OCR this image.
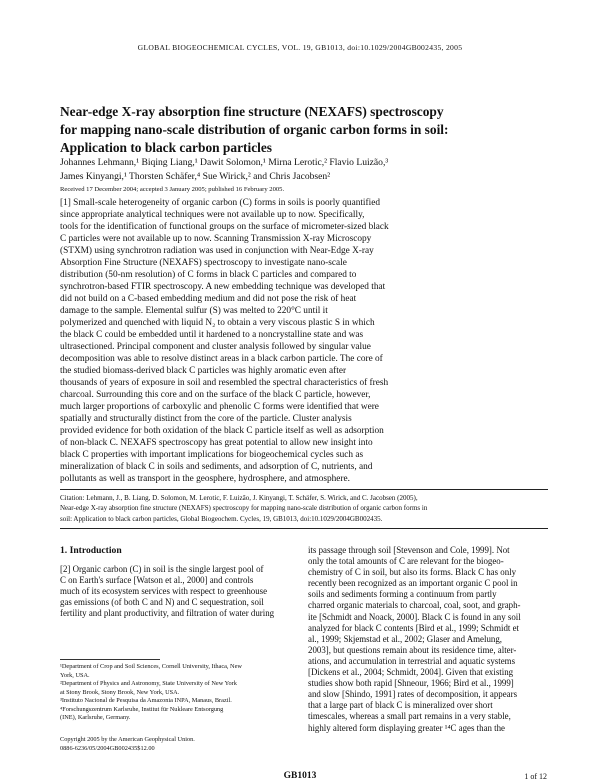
GLOBAL BIOGEOCHEMICAL CYCLES, VOL. 19, GB1013, doi:10.1029/2004GB002435, 2005
Near-edge X-ray absorption fine structure (NEXAFS) spectroscopy
for mapping nano-scale distribution of organic carbon forms in soil:
Application to black carbon particles
Johannes Lehmann,¹ Biqing Liang,¹ Dawit Solomon,¹ Mirna Lerotic,² Flavio Luizão,³
James Kinyangi,¹ Thorsten Schäfer,⁴ Sue Wirick,² and Chris Jacobsen²
Received 17 December 2004; accepted 3 January 2005; published 16 February 2005.
[1] Small-scale heterogeneity of organic carbon (C) forms in soils is poorly quantified
since appropriate analytical techniques were not available up to now. Specifically,
tools for the identification of functional groups on the surface of micrometer-sized black
C particles were not available up to now. Scanning Transmission X-ray Microscopy
(STXM) using synchrotron radiation was used in conjunction with Near-Edge X-ray
Absorption Fine Structure (NEXAFS) spectroscopy to investigate nano-scale
distribution (50-nm resolution) of C forms in black C particles and compared to
synchrotron-based FTIR spectroscopy. A new embedding technique was developed that
did not build on a C-based embedding medium and did not pose the risk of heat
damage to the sample. Elemental sulfur (S) was melted to 220°C until it
polymerized and quenched with liquid N₂ to obtain a very viscous plastic S in which
the black C could be embedded until it hardened to a noncrystalline state and was
ultrasectioned. Principal component and cluster analysis followed by singular value
decomposition was able to resolve distinct areas in a black carbon particle. The core of
the studied biomass-derived black C particles was highly aromatic even after
thousands of years of exposure in soil and resembled the spectral characteristics of fresh
charcoal. Surrounding this core and on the surface of the black C particle, however,
much larger proportions of carboxylic and phenolic C forms were identified that were
spatially and structurally distinct from the core of the particle. Cluster analysis
provided evidence for both oxidation of the black C particle itself as well as adsorption
of non-black C. NEXAFS spectroscopy has great potential to allow new insight into
black C properties with important implications for biogeochemical cycles such as
mineralization of black C in soils and sediments, and adsorption of C, nutrients, and
pollutants as well as transport in the geosphere, hydrosphere, and atmosphere.
Citation: Lehmann, J., B. Liang, D. Solomon, M. Lerotic, F. Luizão, J. Kinyangi, T. Schäfer, S. Wirick, and C. Jacobsen (2005),
Near-edge X-ray absorption fine structure (NEXAFS) spectroscopy for mapping nano-scale distribution of organic carbon forms in
soil: Application to black carbon particles, Global Biogeochem. Cycles, 19, GB1013, doi:10.1029/2004GB002435.
1. Introduction
[2] Organic carbon (C) in soil is the single largest pool of
C on Earth's surface [Watson et al., 2000] and controls
much of its ecosystem services with respect to greenhouse
gas emissions (of both C and N) and C sequestration, soil
fertility and plant productivity, and filtration of water during
its passage through soil [Stevenson and Cole, 1999]. Not
only the total amounts of C are relevant for the biogeo-
chemistry of C in soil, but also its forms. Black C has only
recently been recognized as an important organic C pool in
soils and sediments forming a continuum from partly
charred organic materials to charcoal, coal, soot, and graph-
ite [Schmidt and Noack, 2000]. Black C is found in any soil
analyzed for black C contents [Bird et al., 1999; Schmidt et
al., 1999; Skjemstad et al., 2002; Glaser and Amelung,
2003], but questions remain about its residence time, alter-
ations, and accumulation in terrestrial and aquatic systems
[Dickens et al., 2004; Schmidt, 2004]. Given that existing
studies show both rapid [Shneour, 1966; Bird et al., 1999]
and slow [Shindo, 1991] rates of decomposition, it appears
that a large part of black C is mineralized over short
timescales, whereas a small part remains in a very stable,
highly altered form displaying greater ¹⁴C ages than the
¹Department of Crop and Soil Sciences, Cornell University, Ithaca, New
York, USA.
²Department of Physics and Astronomy, State University of New York
at Stony Brook, Stony Brook, New York, USA.
³Instituto Nacional de Pesquisa da Amazonia INPA, Manaus, Brazil.
⁴Forschungszentrum Karlsruhe, Institut für Nukleare Entsorgung
(INE), Karlsruhe, Germany.
Copyright 2005 by the American Geophysical Union.
0886-6236/05/2004GB002435$12.00
GB1013	1 of 12
